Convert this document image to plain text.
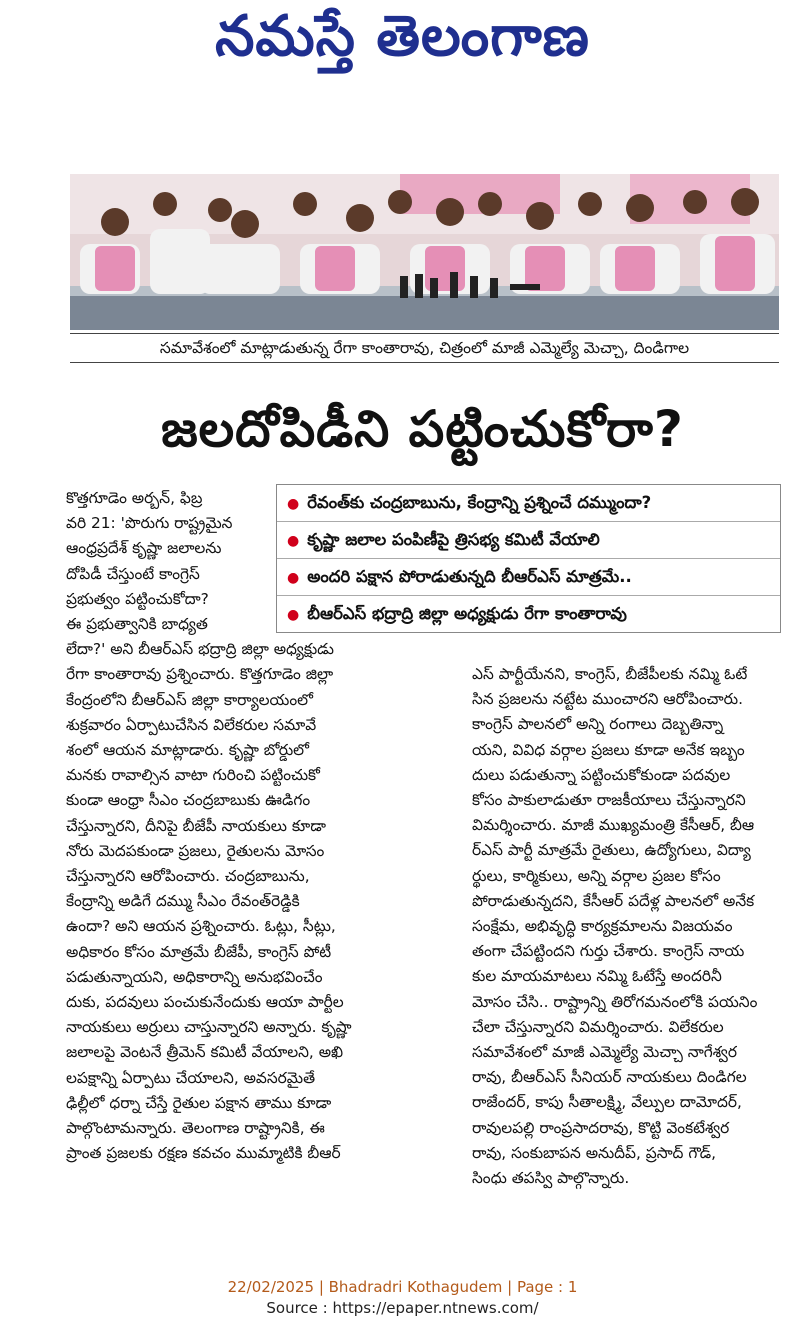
నమస్తే తెలంగాణ
సమావేశంలో మాట్లాడుతున్న రేగా కాంతారావు, చిత్రంలో మాజీ ఎమ్మెల్యే మెచ్చా, దిండిగాల
జలదోపిడీని పట్టించుకోరా?
● రేవంత్‌కు చంద్రబాబును, కేంద్రాన్ని ప్రశ్నించే దమ్ముందా?
● కృష్ణా జలాల పంపిణీపై త్రిసభ్య కమిటీ వేయాలి
● అందరి పక్షాన పోరాడుతున్నది బీఆర్‌ఎస్ మాత్రమే..
● బీఆర్‌ఎస్ భద్రాద్రి జిల్లా అధ్యక్షుడు రేగా కాంతారావు

కొత్తగూడెం అర్బన్, ఫిబ్ర

వరి 21: 'పొరుగు రాష్ట్రమైన

ఆంధ్రప్రదేశ్ కృష్ణా జలాలను

దోపిడీ చేస్తుంటే కాంగ్రెస్

ప్రభుత్వం పట్టించుకోదా?

ఈ ప్రభుత్వానికి బాధ్యత

లేదా?' అని బీఆర్‌ఎస్ భద్రాద్రి జిల్లా అధ్యక్షుడు

రేగా కాంతారావు ప్రశ్నించారు. కొత్తగూడెం జిల్లా

కేంద్రంలోని బీఆర్‌ఎస్ జిల్లా కార్యాలయంలో

శుక్రవారం ఏర్పాటుచేసిన విలేకరుల సమావే

శంలో ఆయన మాట్లాడారు. కృష్ణా బోర్డులో

మనకు రావాల్సిన వాటా గురించి పట్టించుకో

కుండా ఆంధ్రా సీఎం చంద్రబాబుకు ఊడిగం

చేస్తున్నారని, దీనిపై బీజేపీ నాయకులు కూడా

నోరు మెదపకుండా ప్రజలు, రైతులను మోసం

చేస్తున్నారని ఆరోపించారు. చంద్రబాబును,

కేంద్రాన్ని అడిగే దమ్ము సీఎం రేవంత్‌రెడ్డికి

ఉందా? అని ఆయన ప్రశ్నించారు. ఓట్లు, సీట్లు,

అధికారం కోసం మాత్రమే బీజేపీ, కాంగ్రెస్ పోటీ

పడుతున్నాయని, అధికారాన్ని అనుభవించేం

దుకు, పదవులు పంచుకునేందుకు ఆయా పార్టీల

నాయకులు అర్రులు చాస్తున్నారని అన్నారు. కృష్ణా

జలాలపై వెంటనే త్రీమెన్ కమిటీ వేయాలని, అఖి

లపక్షాన్ని ఏర్పాటు చేయాలని, అవసరమైతే

ఢిల్లీలో ధర్నా చేస్తే రైతుల పక్షాన తాము కూడా

పాల్గొంటామన్నారు. తెలంగాణ రాష్ట్రానికి, ఈ

ప్రాంత ప్రజలకు రక్షణ కవచం ముమ్మాటికి బీఆర్

ఎస్ పార్టీయేనని, కాంగ్రెస్, బీజేపీలకు నమ్మి ఓటే

సిన ప్రజలను నట్టేట ముంచారని ఆరోపించారు.

కాంగ్రెస్ పాలనలో అన్ని రంగాలు దెబ్బతిన్నా

యని, వివిధ వర్గాల ప్రజలు కూడా అనేక ఇబ్బం

దులు పడుతున్నా పట్టించుకోకుండా పదవుల

కోసం పాకులాడుతూ రాజకీయాలు చేస్తున్నారని

విమర్శించారు. మాజీ ముఖ్యమంత్రి కేసీఆర్, బీఆ

ర్‌ఎస్ పార్టీ మాత్రమే రైతులు, ఉద్యోగులు, విద్యా

ర్థులు, కార్మికులు, అన్ని వర్గాల ప్రజల కోసం

పోరాడుతున్నదని, కేసీఆర్ పదేళ్ల పాలనలో అనేక

సంక్షేమ, అభివృద్ధి కార్యక్రమాలను విజయవం

తంగా చేపట్టిందని గుర్తు చేశారు. కాంగ్రెస్ నాయ

కుల మాయమాటలు నమ్మి ఓటేస్తే అందరినీ

మోసం చేసి.. రాష్ట్రాన్ని తిరోగమనంలోకి పయనిం

చేలా చేస్తున్నారని విమర్శించారు. విలేకరుల

సమావేశంలో మాజీ ఎమ్మెల్యే మెచ్చా నాగేశ్వర

రావు, బీఆర్‌ఎస్ సీనియర్ నాయకులు దిండిగల

రాజేందర్, కాపు సీతాలక్ష్మి, వేల్పుల దామోదర్,

రావులపల్లి రాంప్రసాదరావు, కొట్టి వెంకటేశ్వర

రావు, సంకుబాపన అనుదీప్, ప్రసాద్ గౌడ్,

సింధు తపస్వి పాల్గొన్నారు.

22/02/2025 | Bhadradri Kothagudem | Page : 1
Source : https://epaper.ntnews.com/
